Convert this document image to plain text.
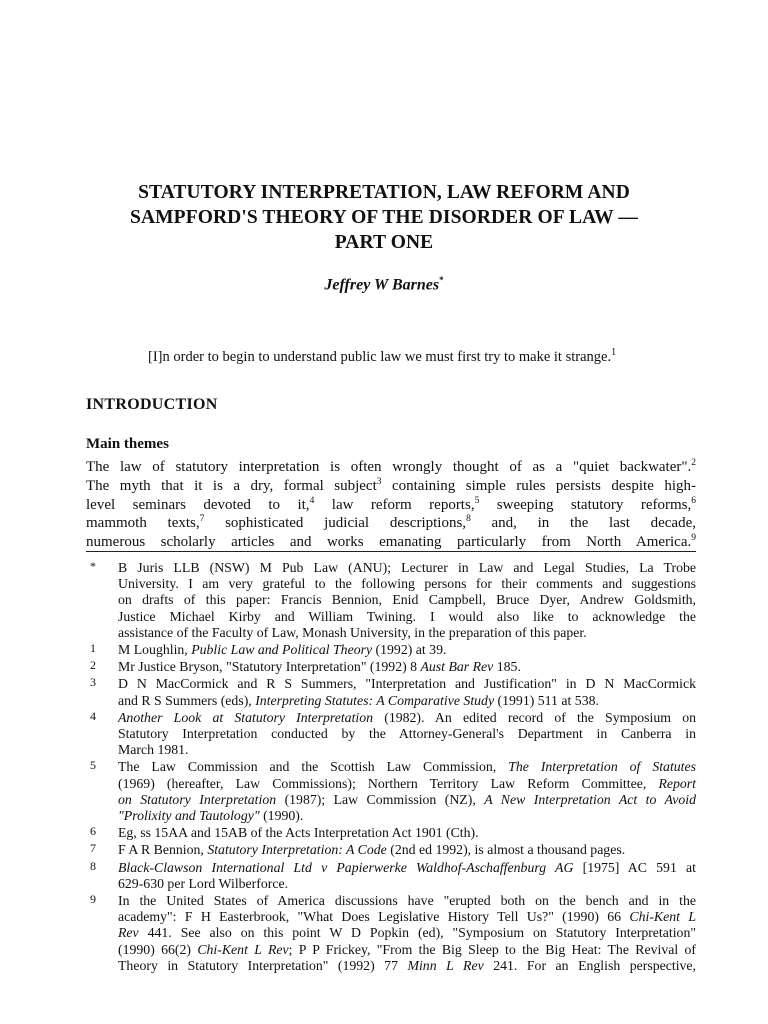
STATUTORY INTERPRETATION, LAW REFORM AND
SAMPFORD'S THEORY OF THE DISORDER OF LAW —
PART ONE
Jeffrey W Barnes*
[I]n order to begin to understand public law we must first try to make it strange.$^1$
INTRODUCTION
Main themes
The law of statutory interpretation is often wrongly thought of as a "quiet backwater".$^2$
The myth that it is a dry, formal subject$^3$ containing simple rules persists despite high-
level seminars devoted to it,$^4$ law reform reports,$^5$ sweeping statutory reforms,$^6$
mammoth texts,$^7$ sophisticated judicial descriptions,$^8$ and, in the last decade,
numerous scholarly articles and works emanating particularly from North America.$^9$
* B Juris LLB (NSW) M Pub Law (ANU); Lecturer in Law and Legal Studies, La Trobe
University. I am very grateful to the following persons for their comments and suggestions
on drafts of this paper: Francis Bennion, Enid Campbell, Bruce Dyer, Andrew Goldsmith,
Justice Michael Kirby and William Twining. I would also like to acknowledge the
assistance of the Faculty of Law, Monash University, in the preparation of this paper.
1 M Loughlin, Public Law and Political Theory (1992) at 39.
2 Mr Justice Bryson, "Statutory Interpretation" (1992) 8 Aust Bar Rev 185.
3 D N MacCormick and R S Summers, "Interpretation and Justification" in D N MacCormick
and R S Summers (eds), Interpreting Statutes: A Comparative Study (1991) 511 at 538.
4 Another Look at Statutory Interpretation (1982). An edited record of the Symposium on
Statutory Interpretation conducted by the Attorney-General's Department in Canberra in
March 1981.
5 The Law Commission and the Scottish Law Commission, The Interpretation of Statutes
(1969) (hereafter, Law Commissions); Northern Territory Law Reform Committee, Report
on Statutory Interpretation (1987); Law Commission (NZ), A New Interpretation Act to Avoid
"Prolixity and Tautology" (1990).
6 Eg, ss 15AA and 15AB of the Acts Interpretation Act 1901 (Cth).
7 F A R Bennion, Statutory Interpretation: A Code (2nd ed 1992), is almost a thousand pages.
8 Black-Clawson International Ltd v Papierwerke Waldhof-Aschaffenburg AG [1975] AC 591 at
629-630 per Lord Wilberforce.
9 In the United States of America discussions have "erupted both on the bench and in the
academy": F H Easterbrook, "What Does Legislative History Tell Us?" (1990) 66 Chi-Kent L
Rev 441. See also on this point W D Popkin (ed), "Symposium on Statutory Interpretation"
(1990) 66(2) Chi-Kent L Rev; P P Frickey, "From the Big Sleep to the Big Heat: The Revival of
Theory in Statutory Interpretation" (1992) 77 Minn L Rev 241. For an English perspective,
